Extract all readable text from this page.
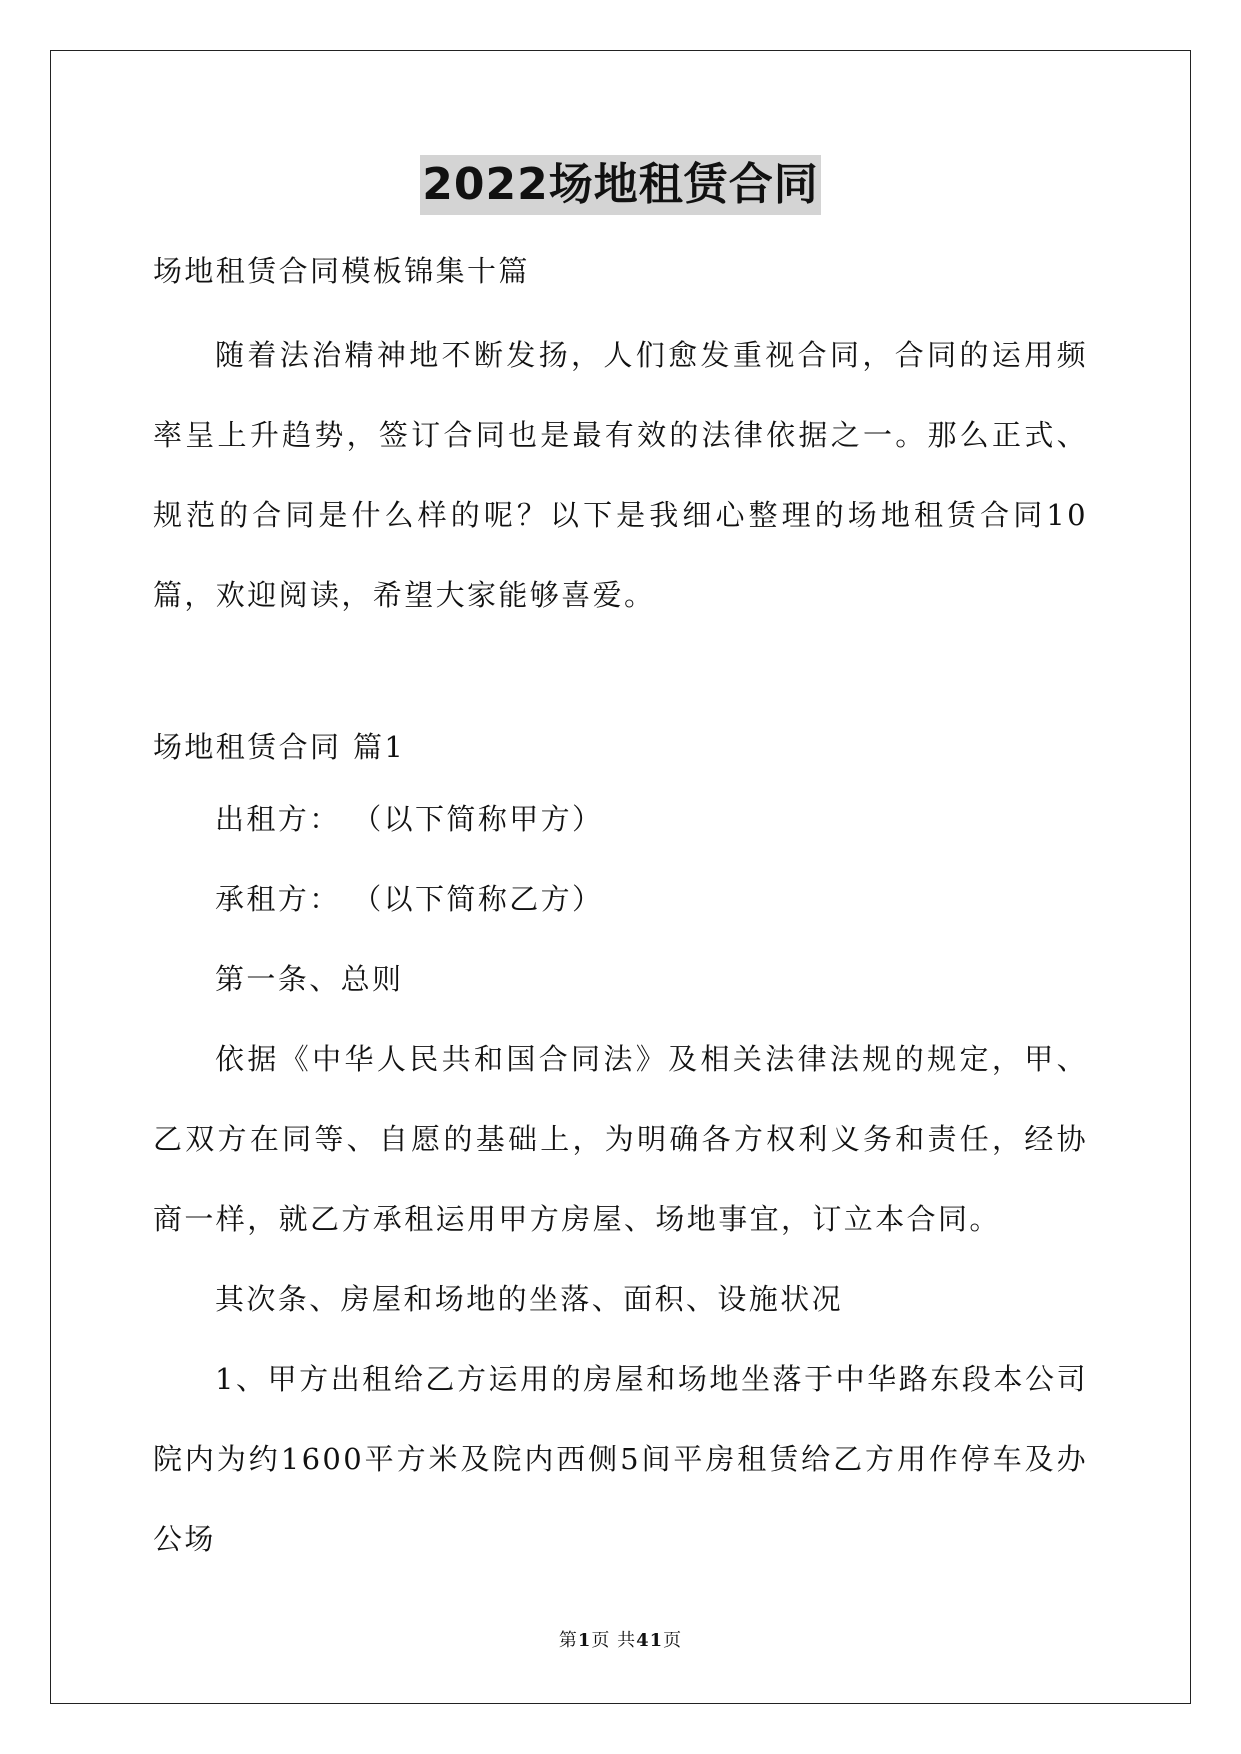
2022场地租赁合同
场地租赁合同模板锦集十篇
随着法治精神地不断发扬，人们愈发重视合同，合同的运用频率呈上升趋势，签订合同也是最有效的法律依据之一。那么正式、规范的合同是什么样的呢？以下是我细心整理的场地租赁合同10篇，欢迎阅读，希望大家能够喜爱。
场地租赁合同 篇1
出租方： （以下简称甲方）
承租方： （以下简称乙方）
第一条、总则
依据《中华人民共和国合同法》及相关法律法规的规定，甲、乙双方在同等、自愿的基础上，为明确各方权利义务和责任，经协商一样，就乙方承租运用甲方房屋、场地事宜，订立本合同。
其次条、房屋和场地的坐落、面积、设施状况
1、甲方出租给乙方运用的房屋和场地坐落于中华路东段本公司院内为约1600平方米及院内西侧5间平房租赁给乙方用作停车及办公场
第1页 共41页
